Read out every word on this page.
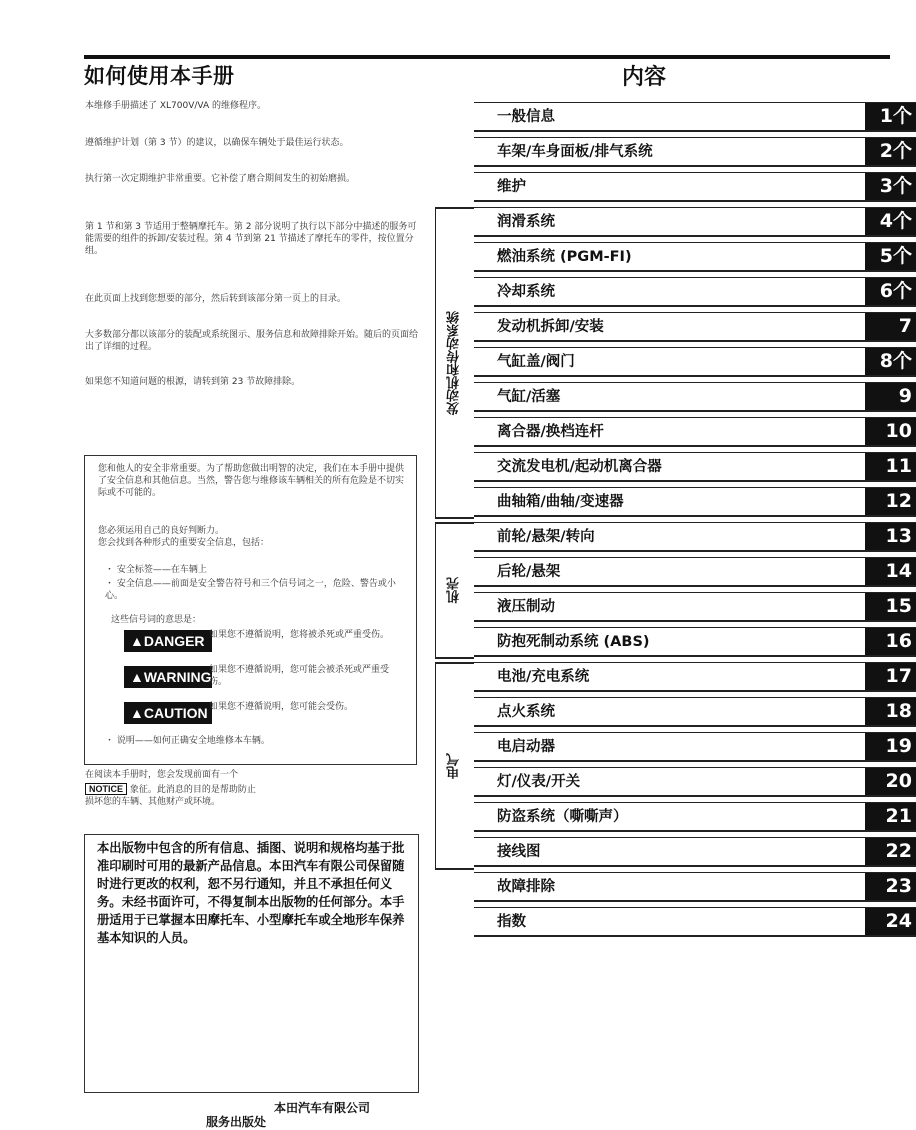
如何使用本手册	内容
本维修手册描述了 XL700V/VA 的维修程序。
遵循维护计划（第 3 节）的建议，以确保车辆处于最佳运行状态。
执行第一次定期维护非常重要。它补偿了磨合期间发生的初始磨损。
第 1 节和第 3 节适用于整辆摩托车。第 2 部分说明了执行以下部分中描述的服务可能需要的组件的拆卸/安装过程。第 4 节到第 21 节描述了摩托车的零件，按位置分组。
在此页面上找到您想要的部分，然后转到该部分第一页上的目录。
大多数部分都以该部分的装配或系统图示、服务信息和故障排除开始。随后的页面给出了详细的过程。
如果您不知道问题的根源，请转到第 23 节故障排除。
您和他人的安全非常重要。为了帮助您做出明智的决定，我们在本手册中提供了安全信息和其他信息。当然，警告您与维修该车辆相关的所有危险是不切实际或不可能的。
您必须运用自己的良好判断力。
您会找到各种形式的重要安全信息，包括：
・ 安全标签——在车辆上
・ 安全信息——前面是安全警告符号和三个信号词之一，危险、警告或小心。
这些信号词的意思是：
・ 说明——如何正确安全地维修本车辆。
▲DANGER 如果您不遵循说明，您将被杀死或严重受伤。
▲WARNING
如果您不遵循说明，您可能会被杀死或严重受伤。
▲CAUTION 如果您不遵循说明，您可能会受伤。
在阅读本手册时，您会发现前面有一个
NOTICE 象征。此消息的目的是帮助防止
损坏您的车辆、其他财产或环境。
本出版物中包含的所有信息、插图、说明和规格均基于批准印刷时可用的最新产品信息。本田汽车有限公司保留随时进行更改的权利，恕不另行通知，并且不承担任何义务。未经书面许可，不得复制本出版物的任何部分。本手册适用于已掌握本田摩托车、小型摩托车或全地形车保养基本知识的人员。
本田汽车有限公司
服务出版处
发动机和传动系统
机壳
电气
一般信息	1个
车架/车身面板/排气系统	2个
维护	3个
润滑系统	4个
燃油系统 (PGM-FI)	5个
冷却系统	6个
发动机拆卸/安装	7
气缸盖/阀门	8个
气缸/活塞	9
离合器/换档连杆	10
交流发电机/起动机离合器	11
曲轴箱/曲轴/变速器	12
前轮/悬架/转向	13
后轮/悬架	14
液压制动	15
防抱死制动系统 (ABS)	16
电池/充电系统	17
点火系统	18
电启动器	19
灯/仪表/开关	20
防盗系统（嘶嘶声）	21
接线图	22
故障排除	23
指数	24
